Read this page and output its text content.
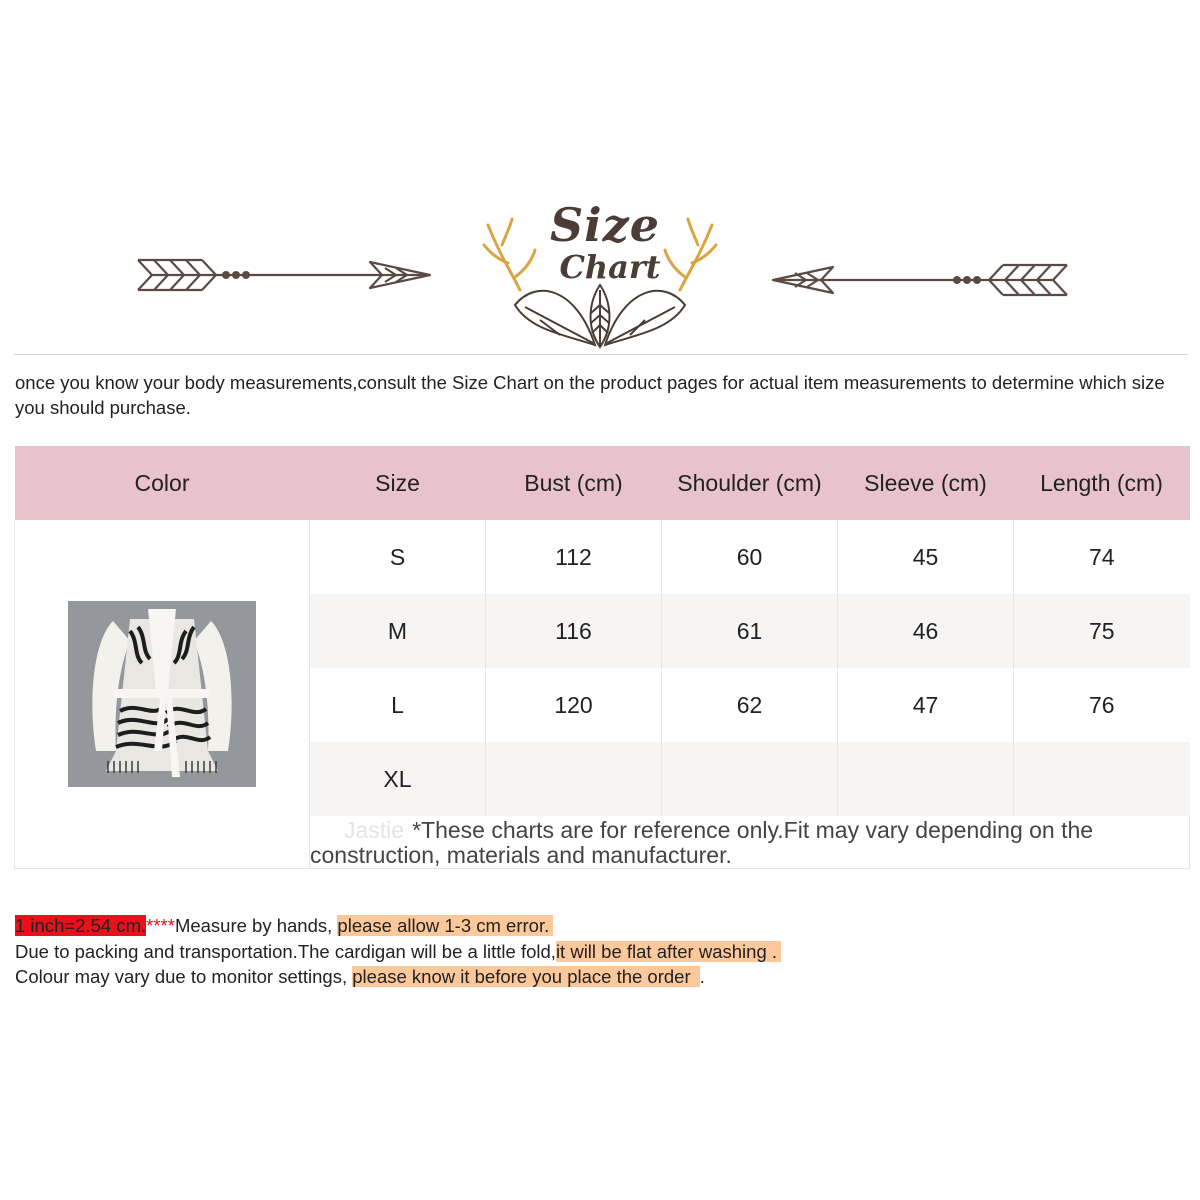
Size
Chart
once you know your body measurements,consult the Size Chart on the product pages for actual item measurements to determine which size you should purchase.
Color	Size	Bust (cm)	Shoulder (cm)	Sleeve (cm)	Length (cm)

	S	112	60	45	74
	M	116	61	46	75
	L	120	62	47	76
	XL				
	Jastie *These charts are for reference only.Fit may vary depending on the construction, materials and manufacturer.				
1 inch=2.54 cm.****Measure by hands, please allow 1-3 cm error.
Due to packing and transportation.The cardigan will be a little fold,it will be flat after washing .
Colour may vary due to monitor settings, please know it before you place the order .
